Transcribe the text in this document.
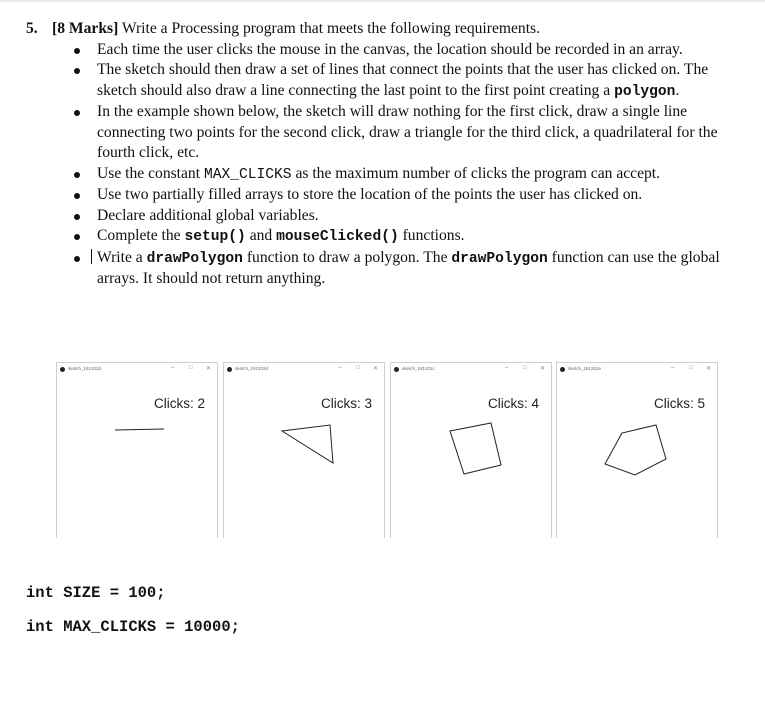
5. [8 Marks] Write a Processing program that meets the following requirements.
Each time the user clicks the mouse in the canvas, the location should be recorded in an array.
The sketch should then draw a set of lines that connect the points that the user has clicked on. The sketch should also draw a line connecting the last point to the first point creating a polygon.
In the example shown below, the sketch will draw nothing for the first click, draw a single line connecting two points for the second click, draw a triangle for the third click, a quadrilateral for the fourth click, etc.
Use the constant MAX_CLICKS as the maximum number of clicks the program can accept.
Use two partially filled arrays to store the location of the points the user has clicked on.
Declare additional global variables.
Complete the setup() and mouseClicked() functions.
Write a drawPolygon function to draw a polygon. The drawPolygon function can use the global arrays. It should not return anything.
sketch_181202d	– □ ✕
Clicks: 2
sketch_181202d	– □ ✕
Clicks: 3
sketch_181202c	– □ ✕
Clicks: 4
sketch_181202e	– □ ✕
Clicks: 5
int SIZE = 100;
int MAX_CLICKS = 10000;
